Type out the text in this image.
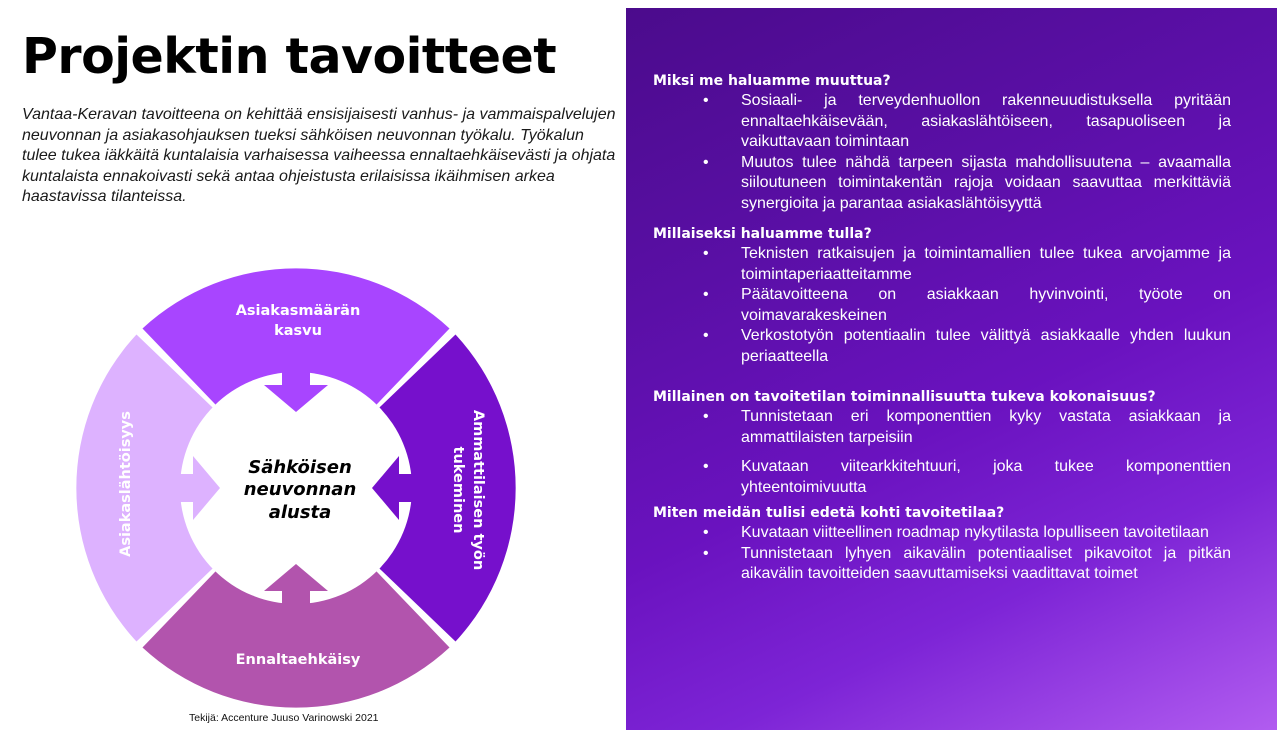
Projektin tavoitteet

Vantaa-Keravan tavoitteena on kehittää ensisijaisesti vanhus- ja vammaispalvelujen neuvonnan ja asiakasohjauksen tueksi sähköisen neuvonnan työkalu. Työkalun tulee tukea iäkkäitä kuntalaisia varhaisessa vaiheessa ennaltaehkäisevästi ja ohjata kuntalaista ennakoivasti sekä antaa ohjeistusta erilaisissa ikäihmisen arkea haastavissa tilanteissa.

Asiakasmäärän
kasvu
Ammattilaisen työn
tukeminen
Ennaltaehkäisy
Asiakaslähtöisyys	Sähköisen
neuvonnan
alusta

Tekijä: Accenture Juuso Varinowski 2021

Miksi me haluamme muuttua?

• Sosiaali- ja terveydenhuollon rakenneuudistuksella pyritään ennaltaehkäisevään, asiakaslähtöiseen, tasapuoliseen ja vaikuttavaan toimintaan
• Muutos tulee nähdä tarpeen sijasta mahdollisuutena – avaamalla siiloutuneen toimintakentän rajoja voidaan saavuttaa merkittäviä synergioita ja parantaa asiakaslähtöisyyttä

Millaiseksi haluamme tulla?

• Teknisten ratkaisujen ja toimintamallien tulee tukea arvojamme ja toimintaperiaatteitamme
• Päätavoitteena on asiakkaan hyvinvointi, työote on voimavarakeskeinen
• Verkostotyön potentiaalin tulee välittyä asiakkaalle yhden luukun periaatteella

Millainen on tavoitetilan toiminnallisuutta tukeva kokonaisuus?

• Tunnistetaan eri komponenttien kyky vastata asiakkaan ja ammattilaisten tarpeisiin
• Kuvataan viitearkkitehtuuri, joka tukee komponenttien yhteentoimivuutta

Miten meidän tulisi edetä kohti tavoitetilaa?

• Kuvataan viitteellinen roadmap nykytilasta lopulliseen tavoitetilaan
• Tunnistetaan lyhyen aikavälin potentiaaliset pikavoitot ja pitkän aikavälin tavoitteiden saavuttamiseksi vaadittavat toimet
